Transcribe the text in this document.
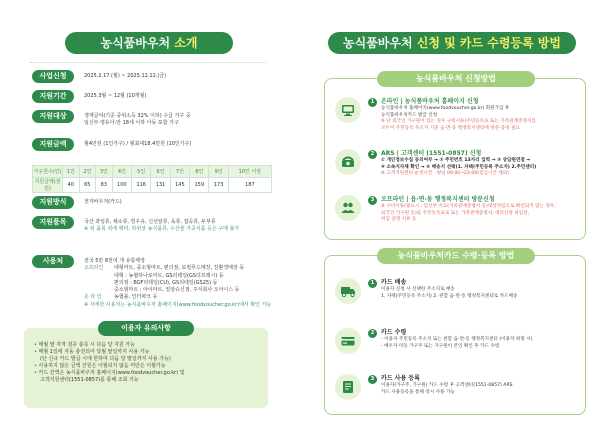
농식품바우처 소개
사업신청	2025.2.17.(월) ~ 2025.12.12.(금)
지원기간	2025.3월 ~ 12월 (10개월)
지원대상	생계급여(기준 중위소득 32% 이하) 수급 가구 중
임신부·영유아·만 18세 이하 아동 포함 가구
지원금액	월4만원 (1인가구) / 월최대18.4만원 (10인가구)
가구원수(인)	1인	2인	3인	4인	5인	6인	7인	8인	9인	10인 이상
지원금액(천원)	40	65	83	100	116	131	145	159	173	187
지원방식	전자바우처(카드)
지원품목	국산 과일류, 채소류, 흰우유, 신선알류, 육류, 잡곡류, 두부류
※ 위 품목 외에 백미, 하위상 농식품류, 수산물 가공식품 등은 구매 불가
사용처	전국 5만 8천여 개 유통매장
오프라인 대형마트, 중소형마트, 편의점, 로컬푸드매장, 친환경매장 등
대형 : 농협하나로마트, GS리테일(GS더프레시) 등
편의점 : BGF리테일(CU), GS리테일(GS25) 등
중소형마트 : 아이마트, 일암슈신점, 주식회사 오아시스 등
온 라 인 농협몰, 인터파크 등
※ 자세한 사용처는 농식품바우처 홈페이지(www.foodvoucher.go.kr)에서 확인 가능
이용자 유의사항
• 매월 말 자격 검증 충족 시 다음 달 지원 가능
• 매월 1일에 자동 충전되어 당월 말일까지 사용 가능
(단 신규 카드 발급 시에 한하여 다음 달 말일까지 사용 가능)
• 사용하지 않은 금액 잔원은 이월되지 않음 미만은 이월가능
• 카드 잔액은 농식품바우처 홈페이지(www.foodvoucher.go.kr) 및
고객지원센터(1551-0857)를 통해 조회 가능
농식품바우처 신청 및 카드 수령등록 방법
농식품바우처 신청방법
1	온라인 | 농식품바우처 홈페이지 신청
농식품바우처 홈페이지(www.foodvoucher.go.kr) 회원가입 후
농식품바우처카드 발급 신청
※ 단 외국인 가구원이 있는 경우 구비서류(주민등록표 또는 가족관계증명서를
모두어 주민등록 주소지 기준 읍·면·동 행정복지센터에 방문·증빙 필요
2	ARS | 고객센터 (1551-0857) 신청
① 개인정보수집 동의여부 → ② 주민번호 13자리 입력 → ③ 상담원연결 →
④ 소속지자체 확인 → ⑤ 배송지 선택(1. 자택(주민등록 주소지) 2.주민센터)
※ 고객지원센터 운영시간 : 평일 09:00~22:00(점심시간 제외)
3	오프라인 | 읍·면·동 행정복지센터 방문신청
※ 구비서류(필요시 : 임신부 자료(가족관계증명서 등)대상자임으로 확인되지 않는 경우,
외국인 가구원 등)를 주민등록표로 또는 가족관계증명서, 대리신청 위임장,
위임 증명 서류 등
농식품바우처카드 수령·등록 방법
1	카드 배송
이용자 신청 시 선택한 주소지로 배송
1. 자택(주민등록 주소지) 2. 관할 읍·면·동 행정복지센터로 카드배송
2	카드 수령
- 이용자 주민등록 주소지 또는 관할 읍·면·동 행정복지센터 (이용자 희망 시)
- 배우자 미동 가구주 또는 가구원이 본인 확인 후 카드 수령
3	카드 사용 등록
이용자(가구주, 가구원) 카드 수령 후 고객센터(1551-0857) ARS
카드 사용등록을 통해 즉시 사용 가능
